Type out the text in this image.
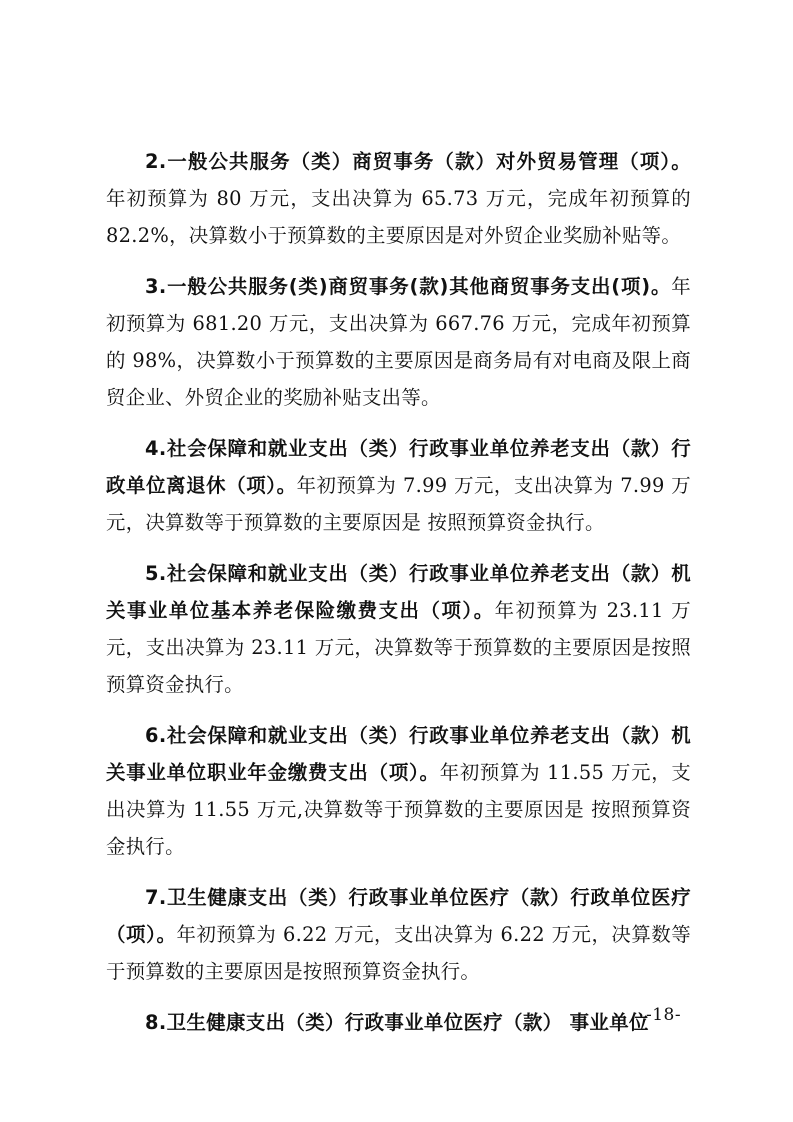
2.一般公共服务（类）商贸事务（款）对外贸易管理（项）。年初预算为 80 万元，支出决算为 65.73 万元，完成年初预算的 82.2%，决算数小于预算数的主要原因是对外贸企业奖励补贴等。

3.一般公共服务(类)商贸事务(款)其他商贸事务支出(项)。年初预算为 681.20 万元，支出决算为 667.76 万元，完成年初预算的 98%，决算数小于预算数的主要原因是商务局有对电商及限上商贸企业、外贸企业的奖励补贴支出等。

4.社会保障和就业支出（类）行政事业单位养老支出（款）行政单位离退休（项）。年初预算为 7.99 万元，支出决算为 7.99 万元，决算数等于预算数的主要原因是 按照预算资金执行。

5.社会保障和就业支出（类）行政事业单位养老支出（款）机关事业单位基本养老保险缴费支出（项）。年初预算为 23.11 万元，支出决算为 23.11 万元，决算数等于预算数的主要原因是按照预算资金执行。

6.社会保障和就业支出（类）行政事业单位养老支出（款）机关事业单位职业年金缴费支出（项）。年初预算为 11.55 万元，支出决算为 11.55 万元,决算数等于预算数的主要原因是 按照预算资金执行。

7.卫生健康支出（类）行政事业单位医疗（款）行政单位医疗（项）。年初预算为 6.22 万元，支出决算为 6.22 万元，决算数等于预算数的主要原因是按照预算资金执行。

8.卫生健康支出（类）行政事业单位医疗（款） 事业单位

-18-
